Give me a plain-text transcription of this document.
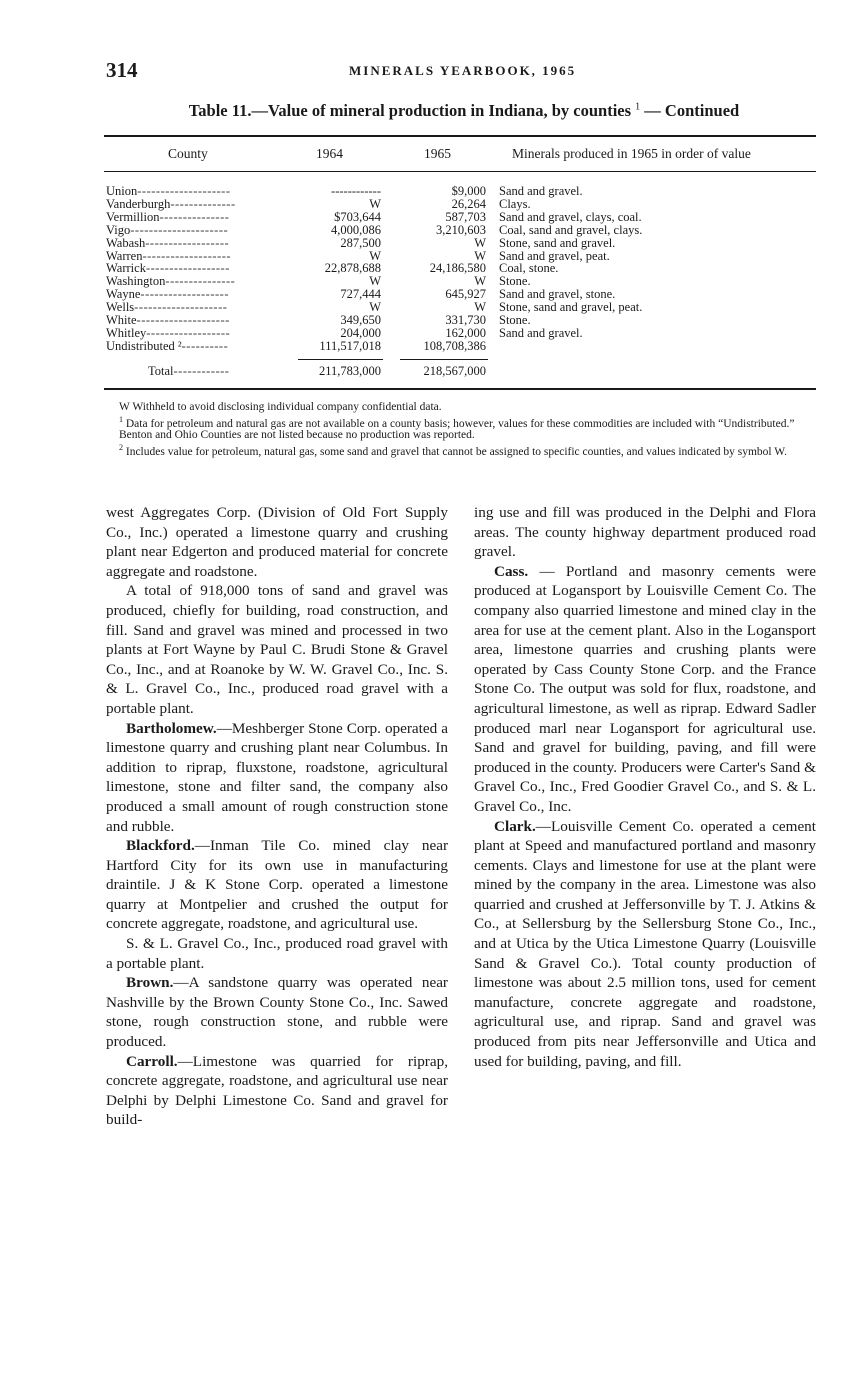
314	MINERALS YEARBOOK, 1965
Table 11.—Value of mineral production in Indiana, by counties $^1$ — Continued
County	1964	1965	Minerals produced in 1965 in order of value
Union--------------------	------------	$9,000 Sand and gravel.
Vanderburgh--------------	W	26,264 Clays.
Vermillion---------------	$703,644	587,703 Sand and gravel, clays, coal.
Vigo---------------------	4,000,086	3,210,603 Coal, sand and gravel, clays.
Wabash------------------	287,500	W Stone, sand and gravel.
Warren-------------------	W	W Sand and gravel, peat.
Warrick------------------	22,878,688	24,186,580 Coal, stone.
Washington---------------	W	W Stone.
Wayne-------------------	727,444	645,927 Sand and gravel, stone.
Wells--------------------	W	W Stone, sand and gravel, peat.
White--------------------	349,650	331,730 Stone.
Whitley------------------	204,000	162,000 Sand and gravel.
Undistributed ²----------	111,517,018	108,708,386
Total------------	211,783,000	218,567,000

W Withheld to avoid disclosing individual company confidential data.

$^1$ Data for petroleum and natural gas are not available on a county basis; however, values for these commodities are included with “Undistributed.” Benton and Ohio Counties are not listed because no production was reported.

$^2$ Includes value for petroleum, natural gas, some sand and gravel that cannot be assigned to specific counties, and values indicated by symbol W.

west Aggregates Corp. (Division of Old Fort Supply Co., Inc.) operated a limestone quarry and crushing plant near Edgerton and produced material for concrete aggregate and roadstone.

A total of 918,000 tons of sand and gravel was produced, chiefly for building, road construction, and fill. Sand and gravel was mined and processed in two plants at Fort Wayne by Paul C. Brudi Stone & Gravel Co., Inc., and at Roanoke by W. W. Gravel Co., Inc. S. & L. Gravel Co., Inc., produced road gravel with a portable plant.

Bartholomew.—Meshberger Stone Corp. operated a limestone quarry and crushing plant near Columbus. In addition to riprap, fluxstone, roadstone, agricultural limestone, stone and filter sand, the company also produced a small amount of rough construction stone and rubble.

Blackford.—Inman Tile Co. mined clay near Hartford City for its own use in manufacturing draintile. J & K Stone Corp. operated a limestone quarry at Montpelier and crushed the output for concrete aggregate, roadstone, and agricultural use.

S. & L. Gravel Co., Inc., produced road gravel with a portable plant.

Brown.—A sandstone quarry was operated near Nashville by the Brown County Stone Co., Inc. Sawed stone, rough construction stone, and rubble were produced.

Carroll.—Limestone was quarried for riprap, concrete aggregate, roadstone, and agricultural use near Delphi by Delphi Limestone Co. Sand and gravel for build-

ing use and fill was produced in the Delphi and Flora areas. The county highway department produced road gravel.

Cass. — Portland and masonry cements were produced at Logansport by Louisville Cement Co. The company also quarried limestone and mined clay in the area for use at the cement plant. Also in the Logansport area, limestone quarries and crushing plants were operated by Cass County Stone Corp. and the France Stone Co. The output was sold for flux, roadstone, and agricultural limestone, as well as riprap. Edward Sadler produced marl near Logansport for agricultural use. Sand and gravel for building, paving, and fill were produced in the county. Producers were Carter's Sand & Gravel Co., Inc., Fred Goodier Gravel Co., and S. & L. Gravel Co., Inc.

Clark.—Louisville Cement Co. operated a cement plant at Speed and manufactured portland and masonry cements. Clays and limestone for use at the plant were mined by the company in the area. Limestone was also quarried and crushed at Jeffersonville by T. J. Atkins & Co., at Sellersburg by the Sellersburg Stone Co., Inc., and at Utica by the Utica Limestone Quarry (Louisville Sand & Gravel Co.). Total county production of limestone was about 2.5 million tons, used for cement manufacture, concrete aggregate and roadstone, agricultural use, and riprap. Sand and gravel was produced from pits near Jeffersonville and Utica and used for building, paving, and fill.
